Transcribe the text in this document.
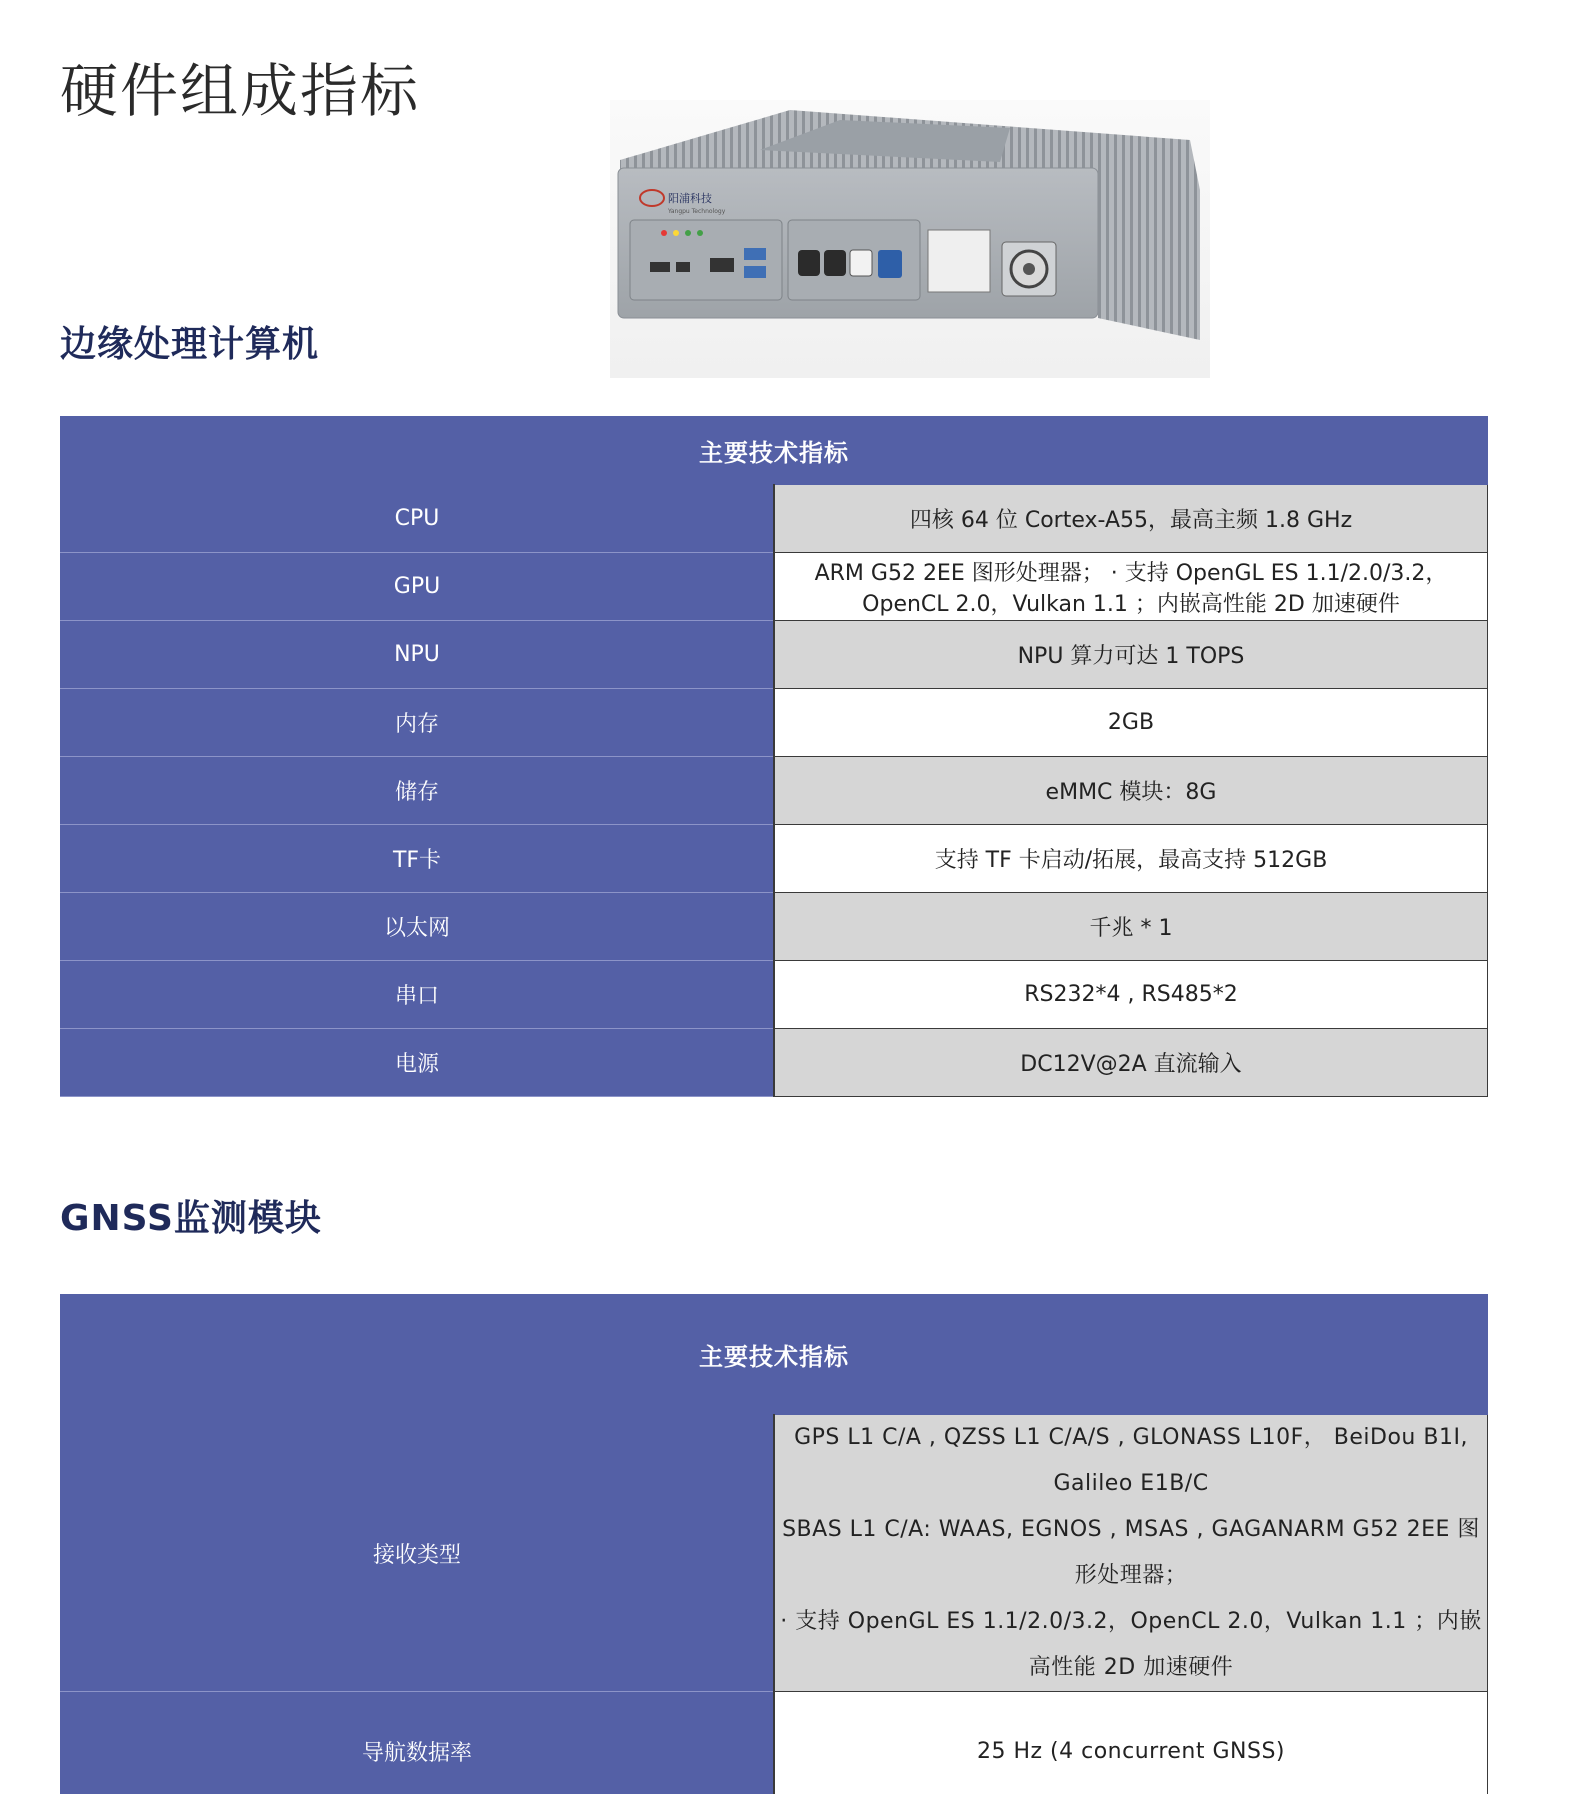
硬件组成指标
阳浦科技
Yangpu Technology
边缘处理计算机
主要技术指标	
CPU	四核 64 位 Cortex-A55，最高主频 1.8 GHz
GPU	ARM G52 2EE 图形处理器； · 支持 OpenGL ES 1.1/2.0/3.2，OpenCL 2.0，Vulkan 1.1 ；内嵌高性能 2D 加速硬件
NPU	NPU 算力可达 1 TOPS
内存	2GB
储存	eMMC 模块：8G
TF卡	支持 TF 卡启动/拓展，最高支持 512GB
以太网	千兆 * 1
串口	RS232*4 , RS485*2
电源	DC12V@2A 直流输入
GNSS监测模块
主要技术指标	
接收类型	GPS L1 C/A , QZSS L1 C/A/S , GLONASS L10F， BeiDou B1I, Galileo E1B/C
SBAS L1 C/A: WAAS, EGNOS , MSAS , GAGANARM G52 2EE 图形处理器；
· 支持 OpenGL ES 1.1/2.0/3.2，OpenCL 2.0，Vulkan 1.1 ；内嵌高性能 2D 加速硬件

导航数据率	25 Hz (4 concurrent GNSS)
